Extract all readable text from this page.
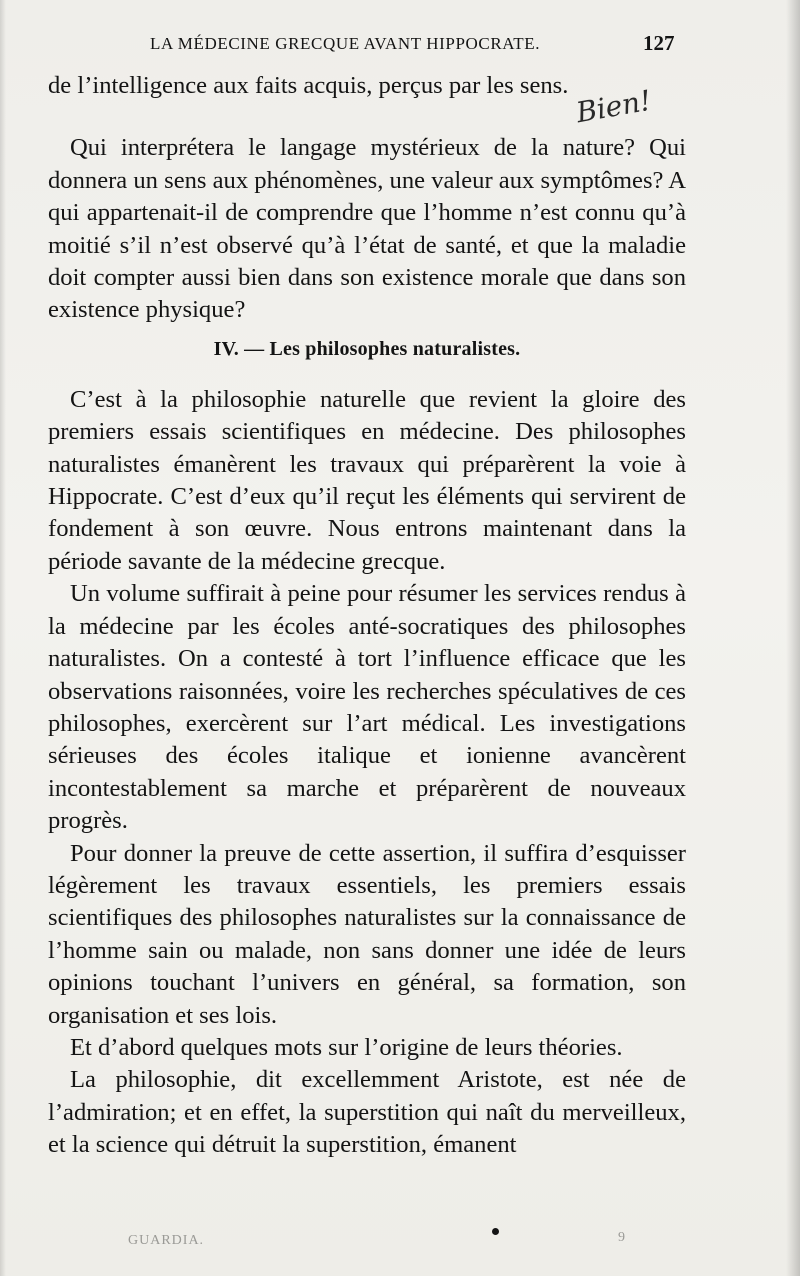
LA MÉDECINE GRECQUE AVANT HIPPOCRATE.	127
Bien!

de l’intelligence aux faits acquis, perçus par les sens.

Qui interprétera le langage mystérieux de la nature? Qui donnera un sens aux phénomènes, une valeur aux symptômes? A qui appartenait-il de comprendre que l’homme n’est connu qu’à moitié s’il n’est observé qu’à l’état de santé, et que la maladie doit compter aussi bien dans son existence morale que dans son existence physique?

IV. — Les philosophes naturalistes.

C’est à la philosophie naturelle que revient la gloire des premiers essais scientifiques en médecine. Des philosophes naturalistes émanèrent les travaux qui préparèrent la voie à Hippocrate. C’est d’eux qu’il reçut les éléments qui servirent de fondement à son œuvre. Nous entrons maintenant dans la période savante de la médecine grecque.

Un volume suffirait à peine pour résumer les services rendus à la médecine par les écoles anté-socratiques des philosophes naturalistes. On a contesté à tort l’influence efficace que les observations raisonnées, voire les recherches spéculatives de ces philosophes, exercèrent sur l’art médical. Les investigations sérieuses des écoles italique et ionienne avancèrent incontestablement sa marche et préparèrent de nouveaux progrès.

Pour donner la preuve de cette assertion, il suffira d’esquisser légèrement les travaux essentiels, les premiers essais scientifiques des philosophes naturalistes sur la connaissance de l’homme sain ou malade, non sans donner une idée de leurs opinions touchant l’univers en général, sa formation, son organisation et ses lois.

Et d’abord quelques mots sur l’origine de leurs théories.

La philosophie, dit excellemment Aristote, est née de l’admiration; et en effet, la superstition qui naît du merveilleux, et la science qui détruit la superstition, émanent

GUARDIA.	9
